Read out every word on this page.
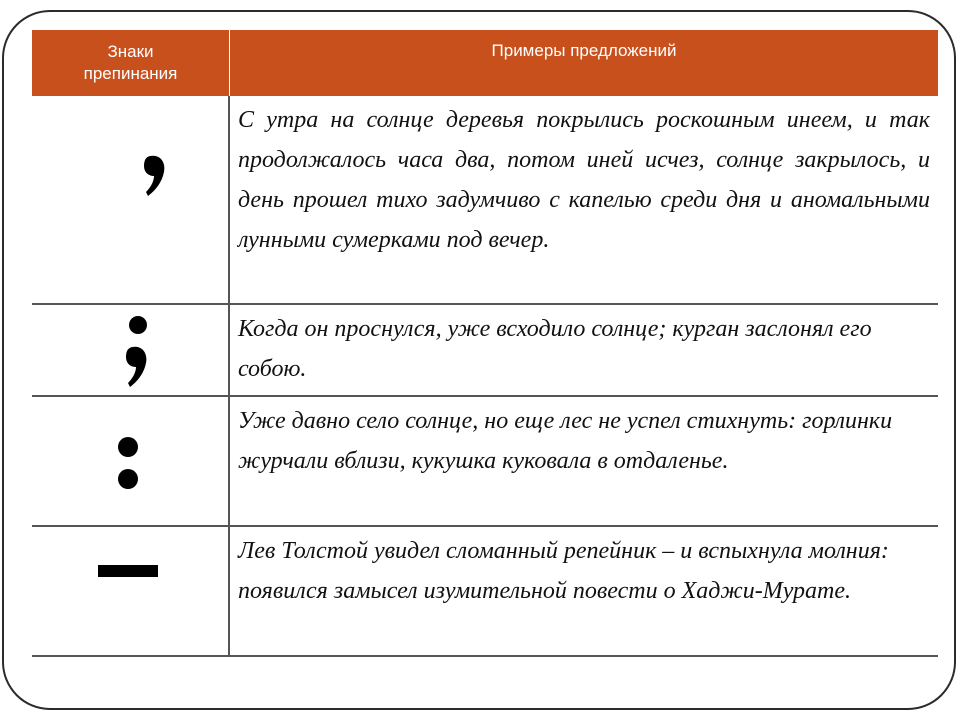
Знаки
препинания
Примеры предложений
С утра на солнце деревья покрылись роскошным инеем, и так продолжалось часа два, потом иней исчез, солнце закрылось, и день прошел тихо задумчиво с капелью среди дня и аномальными лунными сумерками под вечер.
Когда он проснулся, уже всходило солнце; курган заслонял его собою.
Уже давно село солнце, но еще лес не успел стихнуть: горлинки журчали вблизи, кукушка куковала в отдаленье.
Лев Толстой увидел сломанный репейник – и вспыхнула молния: появился замысел изумительной повести о Хаджи-Мурате.
